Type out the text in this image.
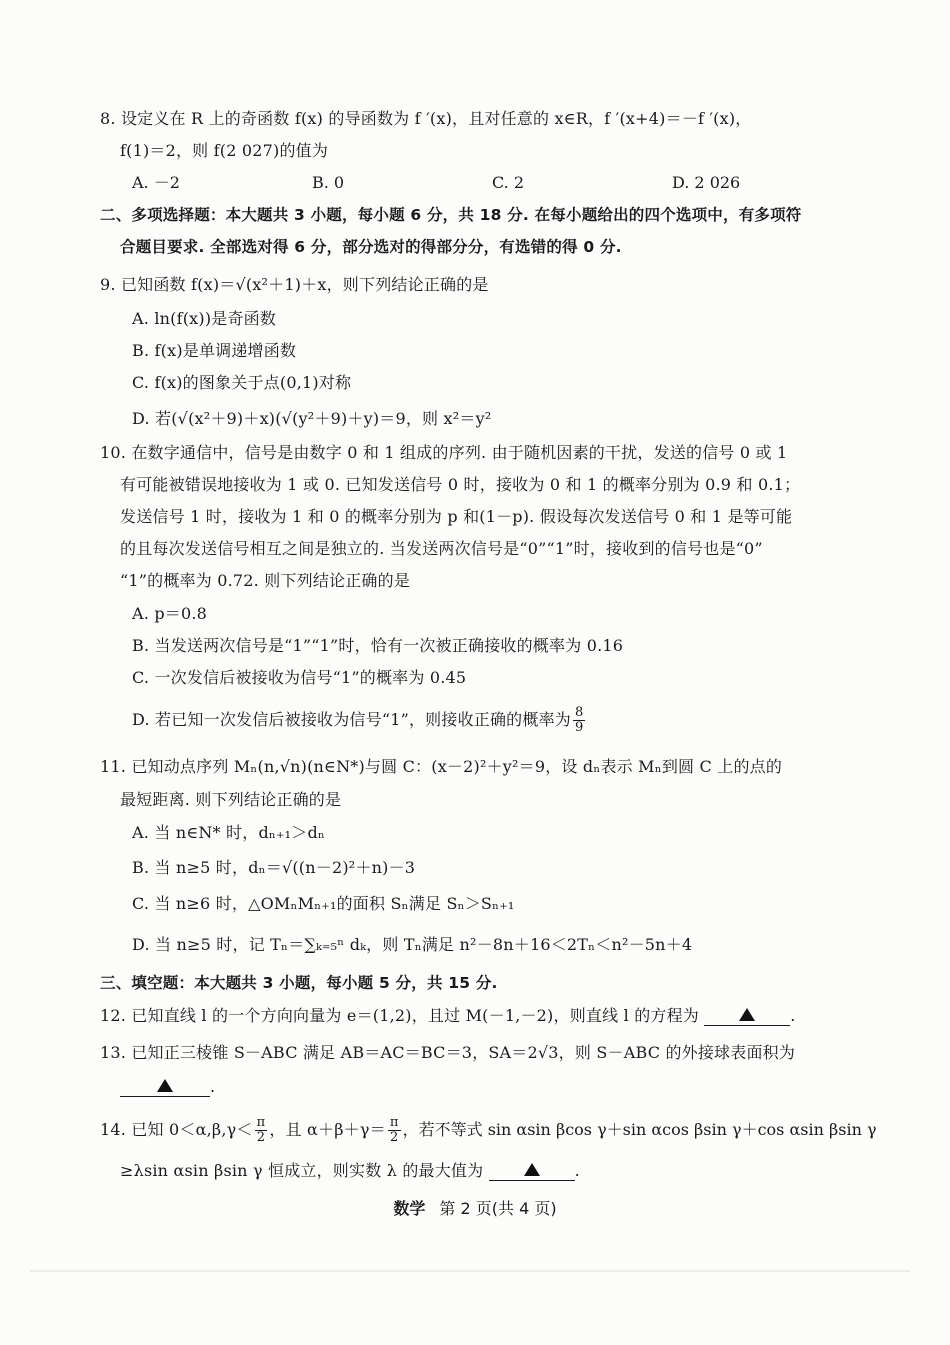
8. 设定义在 R 上的奇函数 f(x) 的导函数为 f ′(x)，且对任意的 x∈R，f ′(x+4)＝－f ′(x)，
f(1)＝2，则 f(2 027)的值为
A. －2	B. 0	C. 2	D. 2 026
二、多项选择题：本大题共 3 小题，每小题 6 分，共 18 分. 在每小题给出的四个选项中，有多项符
合题目要求. 全部选对得 6 分，部分选对的得部分分，有选错的得 0 分.
9. 已知函数 f(x)＝√(x²＋1)＋x，则下列结论正确的是
A. ln(f(x))是奇函数
B. f(x)是单调递增函数
C. f(x)的图象关于点(0,1)对称
D. 若(√(x²＋9)＋x)(√(y²＋9)＋y)＝9，则 x²＝y²
10. 在数字通信中，信号是由数字 0 和 1 组成的序列. 由于随机因素的干扰，发送的信号 0 或 1
有可能被错误地接收为 1 或 0. 已知发送信号 0 时，接收为 0 和 1 的概率分别为 0.9 和 0.1；
发送信号 1 时，接收为 1 和 0 的概率分别为 p 和(1－p). 假设每次发送信号 0 和 1 是等可能
的且每次发送信号相互之间是独立的. 当发送两次信号是“0”“1”时，接收到的信号也是“0”
“1”的概率为 0.72. 则下列结论正确的是
A. p＝0.8
B. 当发送两次信号是“1”“1”时，恰有一次被正确接收的概率为 0.16
C. 一次发信后被接收为信号“1”的概率为 0.45
D. 若已知一次发信后被接收为信号“1”，则接收正确的概率为 $\frac{8}{9}$
11. 已知动点序列 Mₙ(n,√n)(n∈N*)与圆 C：(x－2)²＋y²＝9，设 dₙ表示 Mₙ到圆 C 上的点的
最短距离. 则下列结论正确的是
A. 当 n∈N* 时，dₙ₊₁＞dₙ
B. 当 n≥5 时，dₙ＝√((n－2)²＋n)－3
C. 当 n≥6 时，△OMₙMₙ₊₁的面积 Sₙ满足 Sₙ＞Sₙ₊₁
D. 当 n≥5 时，记 Tₙ＝∑ₖ₌₅ⁿ dₖ，则 Tₙ满足 n²－8n＋16＜2Tₙ＜n²－5n＋4
三、填空题：本大题共 3 小题，每小题 5 分，共 15 分.
12. 已知直线 l 的一个方向向量为 e＝(1,2)，且过 M(－1,－2)，则直线 l 的方程为	.
13. 已知正三棱锥 S－ABC 满足 AB＝AC＝BC＝3，SA＝2√3，则 S－ABC 的外接球表面积为
.
14. 已知 $0<\alpha,\beta,\gamma< \frac{\pi}{2}$ ，且 $\alpha+\beta+\gamma= \frac{\pi}{2}$ ，若不等式 sin αsin βcos γ＋sin αcos βsin γ＋cos αsin βsin γ
≥λsin αsin βsin γ 恒成立，则实数 λ 的最大值为	.
数学 第 2 页(共 4 页)
